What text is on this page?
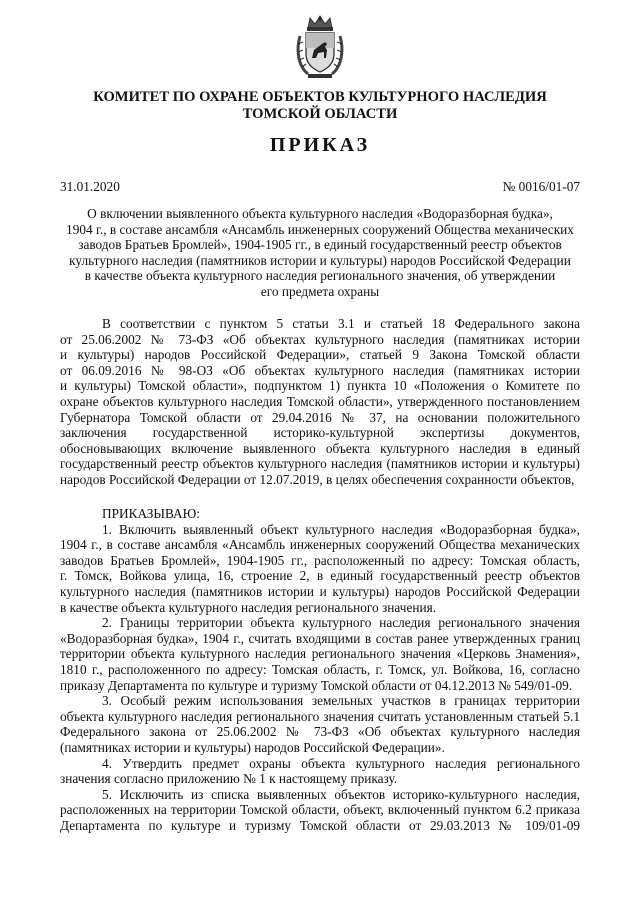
КОМИТЕТ ПО ОХРАНЕ ОБЪЕКТОВ КУЛЬТУРНОГО НАСЛЕДИЯ
ТОМСКОЙ ОБЛАСТИ
ПРИКАЗ
31.01.2020	№ 0016/01-07
О включении выявленного объекта культурного наследия «Водоразборная будка»,
1904 г., в составе ансамбля «Ансамбль инженерных сооружений Общества механических
заводов Братьев Бромлей», 1904-1905 гг., в единый государственный реестр объектов
культурного наследия (памятников истории и культуры) народов Российской Федерации
в качестве объекта культурного наследия регионального значения, об утверждении
его предмета охраны
В соответствии с пунктом 5 статьи 3.1 и статьей 18 Федерального закона
от 25.06.2002 № 73-ФЗ «Об объектах культурного наследия (памятниках истории
и культуры) народов Российской Федерации», статьей 9 Закона Томской области
от 06.09.2016 № 98-ОЗ «Об объектах культурного наследия (памятниках истории
и культуры) Томской области», подпунктом 1) пункта 10 «Положения о Комитете по
охране объектов культурного наследия Томской области», утвержденного постановлением
Губернатора Томской области от 29.04.2016 № 37, на основании положительного
заключения государственной историко-культурной экспертизы документов,
обосновывающих включение выявленного объекта культурного наследия в единый
государственный реестр объектов культурного наследия (памятников истории и культуры)
народов Российской Федерации от 12.07.2019, в целях обеспечения сохранности объектов,
ПРИКАЗЫВАЮ:
1. Включить выявленный объект культурного наследия «Водоразборная будка»,
1904 г., в составе ансамбля «Ансамбль инженерных сооружений Общества механических
заводов Братьев Бромлей», 1904-1905 гг., расположенный по адресу: Томская область,
г. Томск, Войкова улица, 16, строение 2, в единый государственный реестр объектов
культурного наследия (памятников истории и культуры) народов Российской Федерации
в качестве объекта культурного наследия регионального значения.
2. Границы территории объекта культурного наследия регионального значения
«Водоразборная будка», 1904 г., считать входящими в состав ранее утвержденных границ
территории объекта культурного наследия регионального значения «Церковь Знамения»,
1810 г., расположенного по адресу: Томская область, г. Томск, ул. Войкова, 16, согласно
приказу Департамента по культуре и туризму Томской области от 04.12.2013 № 549/01-09.
3. Особый режим использования земельных участков в границах территории
объекта культурного наследия регионального значения считать установленным статьей 5.1
Федерального закона от 25.06.2002 № 73-ФЗ «Об объектах культурного наследия
(памятниках истории и культуры) народов Российской Федерации».
4. Утвердить предмет охраны объекта культурного наследия регионального
значения согласно приложению № 1 к настоящему приказу.
5. Исключить из списка выявленных объектов историко-культурного наследия,
расположенных на территории Томской области, объект, включенный пунктом 6.2 приказа
Департамента по культуре и туризму Томской области от 29.03.2013 № 109/01-09
